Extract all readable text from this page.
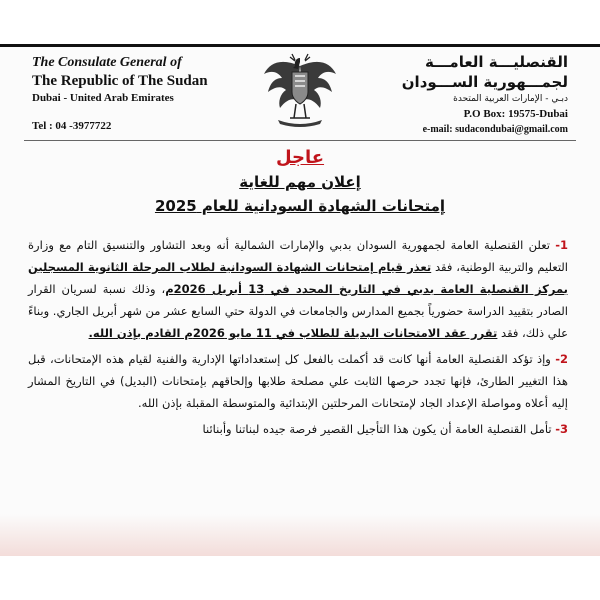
The Consulate General of
The Republic of The Sudan
Dubai - United Arab Emirates
Tel : 04 -3977722
القنصليـــة العامـــة
لجمـــهورية الســـودان
دبـي - الإمارات العربية المتحدة
P.O Box: 19575-Dubai
e-mail: sudacondubai@gmail.com
عاجل
إعلان مهم للغاية
إمتحانات الشهادة السودانية للعام 2025

1- تعلن القنصلية العامة لجمهورية السودان بدبي والإمارات الشمالية أنه وبعد التشاور والتنسيق التام مع وزارة التعليم والتربية الوطنية، فقد تعذر قيام إمتحانات الشهادة السودانية لطلاب المرحلة الثانوية المسجلين بمركز القنصلية العامة بدبي في التاريخ المحدد في 13 أبريل 2026م، وذلك نسبة لسريان القرار الصادر بتقييد الدراسة حضورياً بجميع المدارس والجامعات في الدولة حتي السابع عشر من شهر أبريل الجاري. وبناءً علي ذلك، فقد تقرر عقد الامتحانات البديلة للطلاب في 11 مايو 2026م القادم بإذن الله.

2- وإذ تؤكد القنصلية العامة أنها كانت قد أكملت بالفعل كل إستعداداتها الإدارية والفنية لقيام هذه الإمتحانات، قبل هذا التغيير الطارئ، فإنها تجدد حرصها الثابت علي مصلحة طلابها وإلحاقهم بإمتحانات (البديل) في التاريخ المشار إليه أعلاه ومواصلة الإعداد الجاد لإمتحانات المرحلتين الإبتدائية والمتوسطة المقبلة بإذن الله.

3- تأمل القنصلية العامة أن يكون هذا التأجيل القصير فرصة جيده لبناتنا وأبنائنا
